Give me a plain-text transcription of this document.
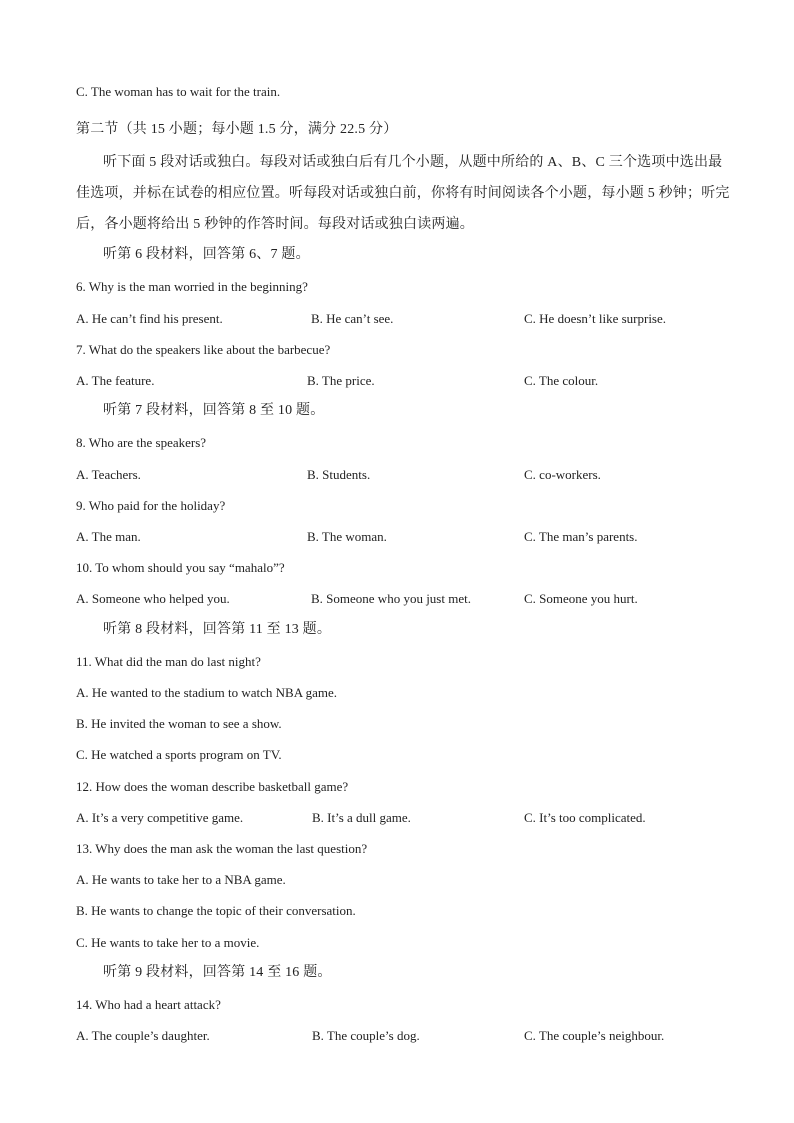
C. The woman has to wait for the train.
第二节（共 15 小题；每小题 1.5 分，满分 22.5 分）
听下面 5 段对话或独白。每段对话或独白后有几个小题，从题中所给的 A、B、C 三个选项中选出最佳选项，并标在试卷的相应位置。听每段对话或独白前，你将有时间阅读各个小题，每小题 5 秒钟；听完后，各小题将给出 5 秒钟的作答时间。每段对话或独白读两遍。
听第 6 段材料，回答第 6、7 题。
6. Why is the man worried in the beginning?
A. He can’t find his present.	B. He can’t see.	C. He doesn’t like surprise.
7. What do the speakers like about the barbecue?
A. The feature.	B. The price.	C. The colour.
听第 7 段材料，回答第 8 至 10 题。
8. Who are the speakers?
A. Teachers.	B. Students.	C. co-workers.
9. Who paid for the holiday?
A. The man.	B. The woman.	C. The man’s parents.
10. To whom should you say “mahalo”?
A. Someone who helped you.	B. Someone who you just met.	C. Someone you hurt.
听第 8 段材料，回答第 11 至 13 题。
11. What did the man do last night?
A. He wanted to the stadium to watch NBA game.
B. He invited the woman to see a show.
C. He watched a sports program on TV.
12. How does the woman describe basketball game?
A. It’s a very competitive game.	B. It’s a dull game.	C. It’s too complicated.
13. Why does the man ask the woman the last question?
A. He wants to take her to a NBA game.
B. He wants to change the topic of their conversation.
C. He wants to take her to a movie.
听第 9 段材料，回答第 14 至 16 题。
14. Who had a heart attack?
A. The couple’s daughter.	B. The couple’s dog.	C. The couple’s neighbour.
